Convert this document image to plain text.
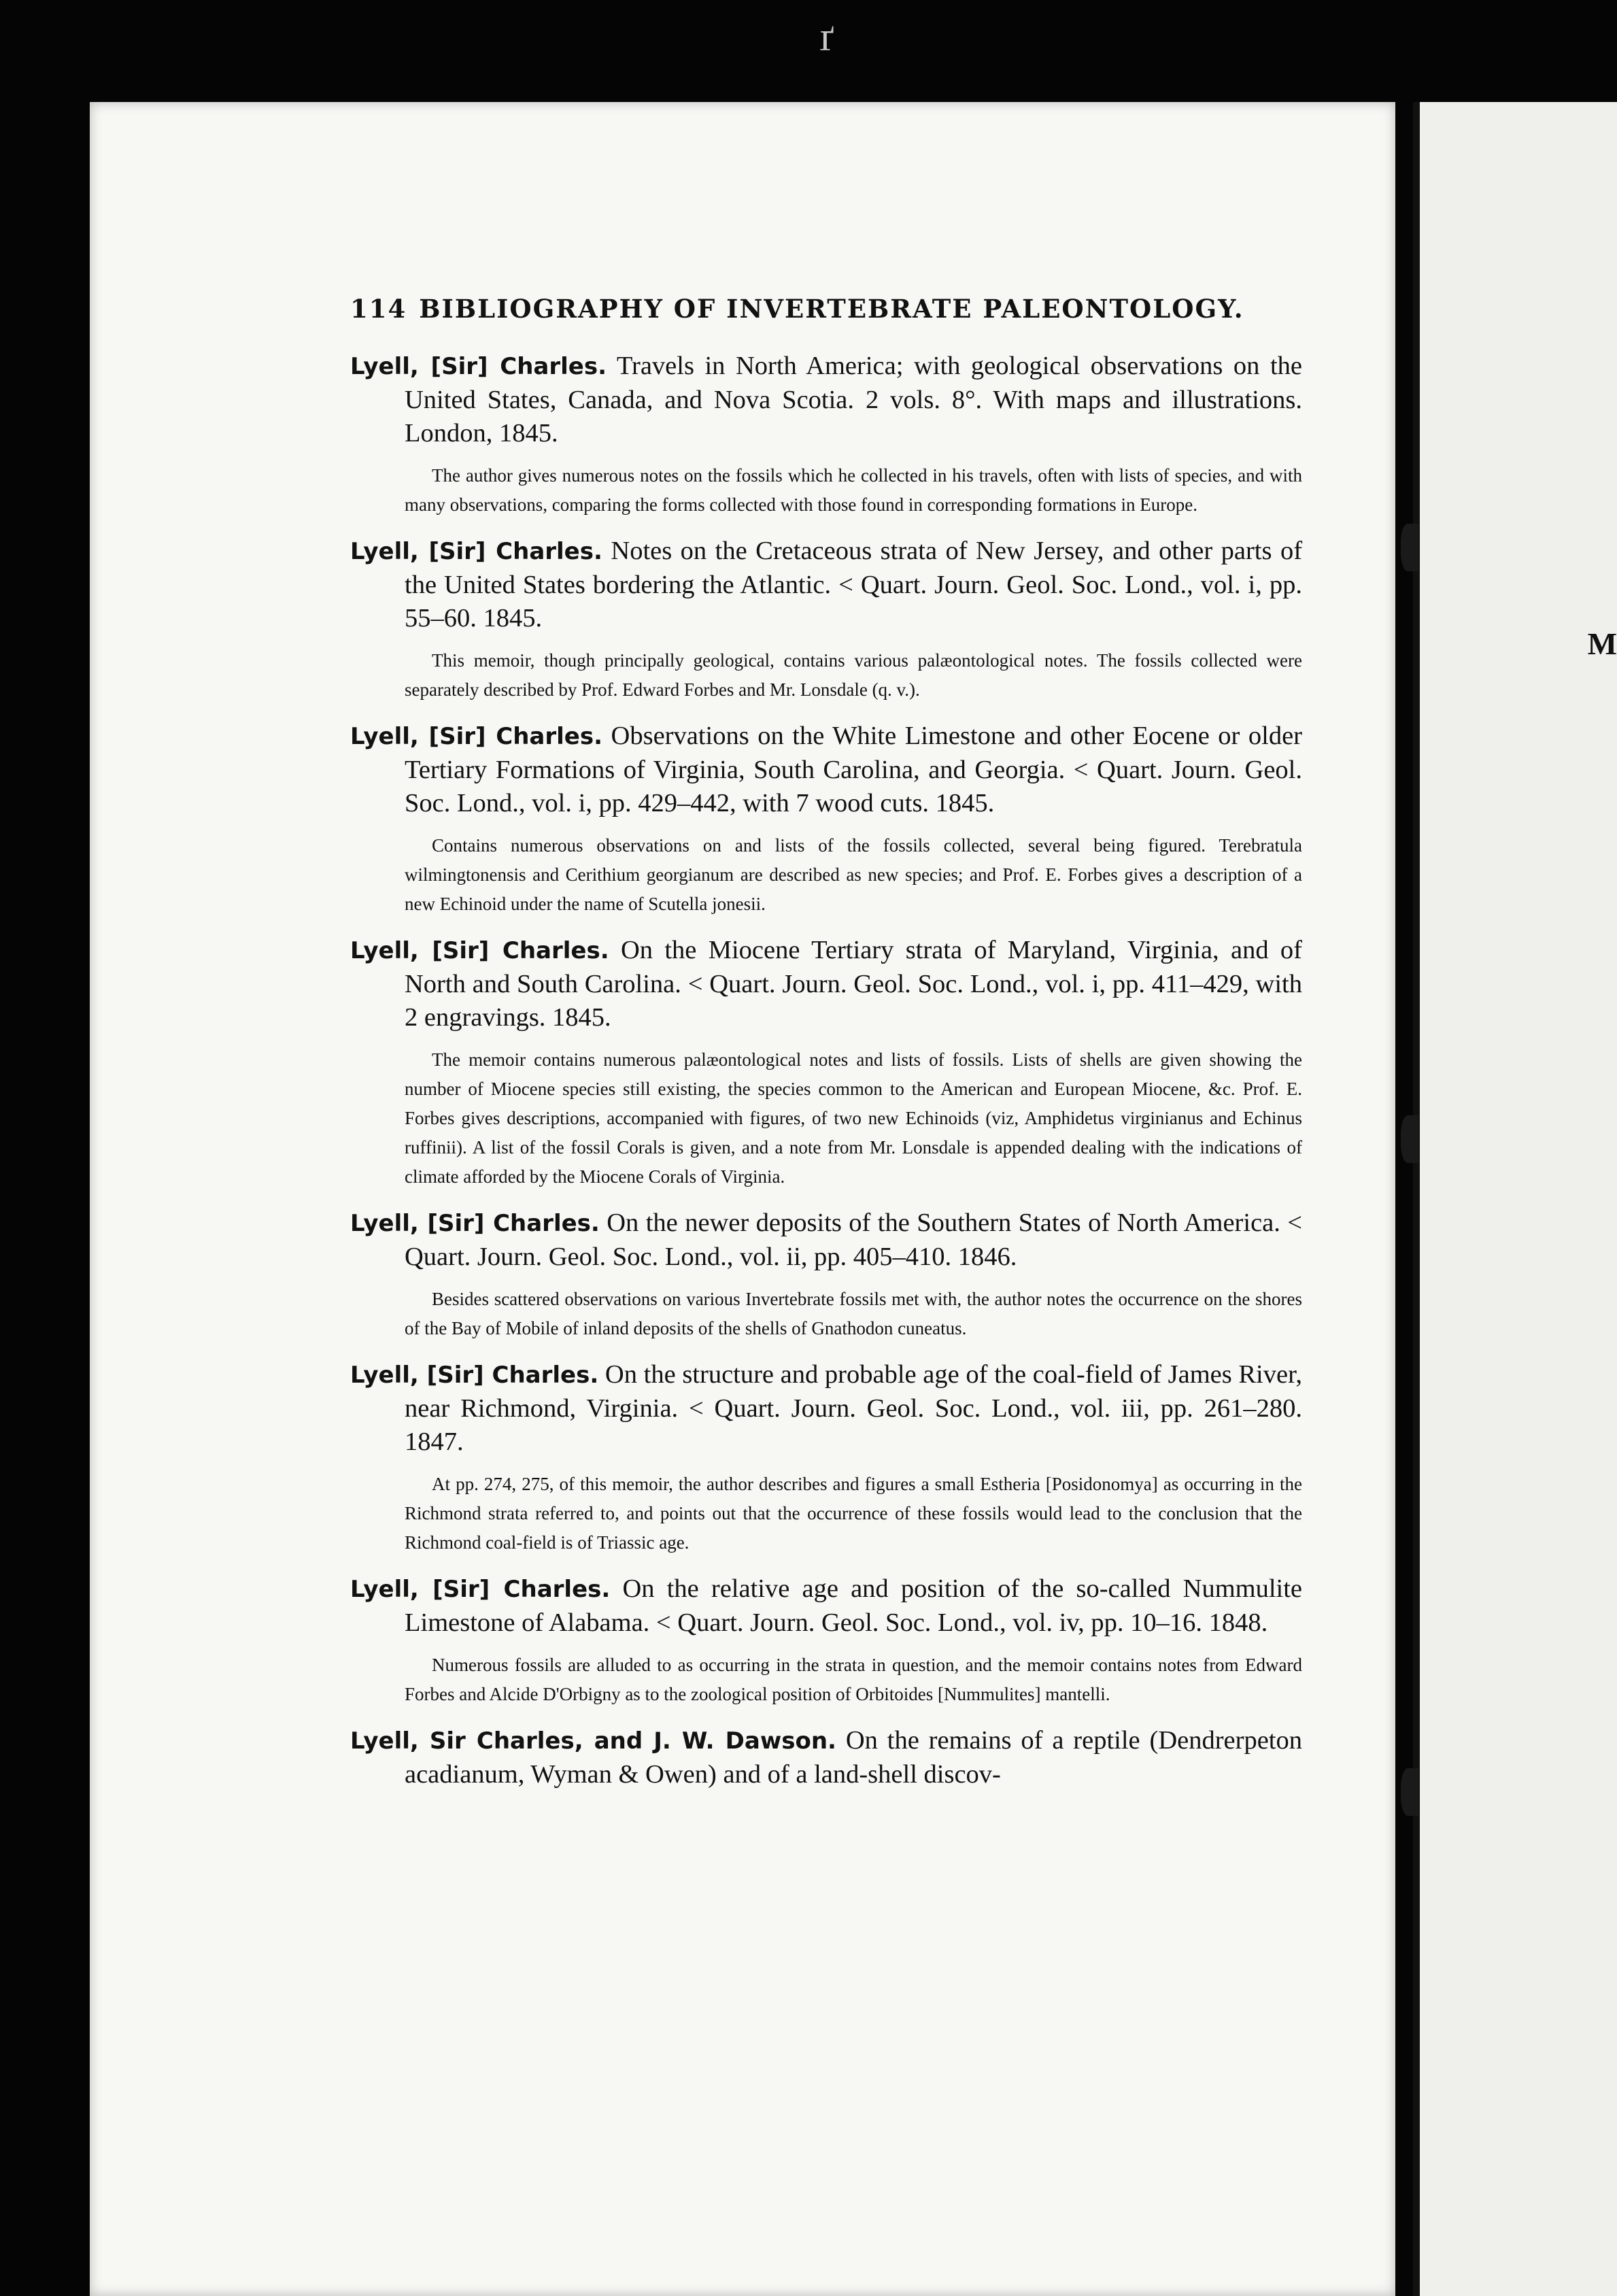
ґ
M
114 BIBLIOGRAPHY OF INVERTEBRATE PALEONTOLOGY.

Lyell, [Sir] Charles. Travels in North America; with geological observations on the United States, Canada, and Nova Scotia. 2 vols. 8°. With maps and illustrations. London, 1845.

The author gives numerous notes on the fossils which he collected in his travels, often with lists of species, and with many observations, comparing the forms collected with those found in corresponding formations in Europe.

Lyell, [Sir] Charles. Notes on the Cretaceous strata of New Jersey, and other parts of the United States bordering the Atlantic. < Quart. Journ. Geol. Soc. Lond., vol. i, pp. 55–60. 1845.

This memoir, though principally geological, contains various palæontological notes. The fossils collected were separately described by Prof. Edward Forbes and Mr. Lonsdale (q. v.).

Lyell, [Sir] Charles. Observations on the White Limestone and other Eocene or older Tertiary Formations of Virginia, South Carolina, and Georgia. < Quart. Journ. Geol. Soc. Lond., vol. i, pp. 429–442, with 7 wood cuts. 1845.

Contains numerous observations on and lists of the fossils collected, several being figured. Terebratula wilmingtonensis and Cerithium georgianum are described as new species; and Prof. E. Forbes gives a description of a new Echinoid under the name of Scutella jonesii.

Lyell, [Sir] Charles. On the Miocene Tertiary strata of Maryland, Virginia, and of North and South Carolina. < Quart. Journ. Geol. Soc. Lond., vol. i, pp. 411–429, with 2 engravings. 1845.

The memoir contains numerous palæontological notes and lists of fossils. Lists of shells are given showing the number of Miocene species still existing, the species common to the American and European Miocene, &c. Prof. E. Forbes gives descriptions, accompanied with figures, of two new Echinoids (viz, Amphidetus virginianus and Echinus ruffinii). A list of the fossil Corals is given, and a note from Mr. Lonsdale is appended dealing with the indications of climate afforded by the Miocene Corals of Virginia.

Lyell, [Sir] Charles. On the newer deposits of the Southern States of North America. < Quart. Journ. Geol. Soc. Lond., vol. ii, pp. 405–410. 1846.

Besides scattered observations on various Invertebrate fossils met with, the author notes the occurrence on the shores of the Bay of Mobile of inland deposits of the shells of Gnathodon cuneatus.

Lyell, [Sir] Charles. On the structure and probable age of the coal-field of James River, near Richmond, Virginia. < Quart. Journ. Geol. Soc. Lond., vol. iii, pp. 261–280. 1847.

At pp. 274, 275, of this memoir, the author describes and figures a small Estheria [Posidonomya] as occurring in the Richmond strata referred to, and points out that the occurrence of these fossils would lead to the conclusion that the Richmond coal-field is of Triassic age.

Lyell, [Sir] Charles. On the relative age and position of the so-called Nummulite Limestone of Alabama. < Quart. Journ. Geol. Soc. Lond., vol. iv, pp. 10–16. 1848.

Numerous fossils are alluded to as occurring in the strata in question, and the memoir contains notes from Edward Forbes and Alcide D'Orbigny as to the zoological position of Orbitoides [Nummulites] mantelli.

Lyell, Sir Charles, and J. W. Dawson. On the remains of a reptile (Dendrerpeton acadianum, Wyman & Owen) and of a land-shell discov-
